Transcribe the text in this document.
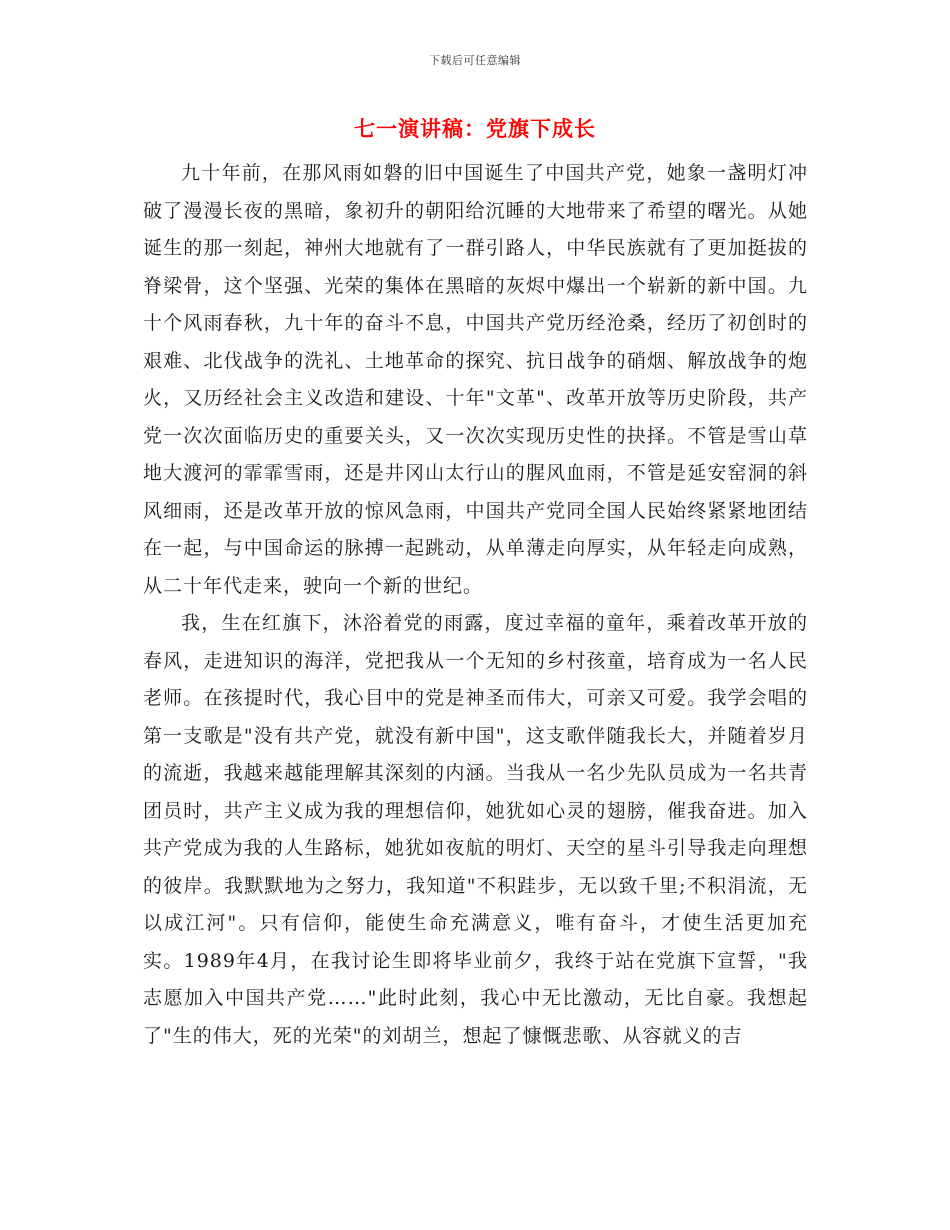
下载后可任意编辑
七一演讲稿：党旗下成长

九十年前，在那风雨如磐的旧中国诞生了中国共产党，她象一盏明灯冲破了漫漫长夜的黑暗，象初升的朝阳给沉睡的大地带来了希望的曙光。从她诞生的那一刻起，神州大地就有了一群引路人，中华民族就有了更加挺拔的脊梁骨，这个坚强、光荣的集体在黑暗的灰烬中爆出一个崭新的新中国。九十个风雨春秋，九十年的奋斗不息，中国共产党历经沧桑，经历了初创时的艰难、北伐战争的洗礼、土地革命的探究、抗日战争的硝烟、解放战争的炮火，又历经社会主义改造和建设、十年"文革"、改革开放等历史阶段，共产党一次次面临历史的重要关头，又一次次实现历史性的抉择。不管是雪山草地大渡河的霏霏雪雨，还是井冈山太行山的腥风血雨，不管是延安窑洞的斜风细雨，还是改革开放的惊风急雨，中国共产党同全国人民始终紧紧地团结在一起，与中国命运的脉搏一起跳动，从单薄走向厚实，从年轻走向成熟，从二十年代走来，驶向一个新的世纪。

我，生在红旗下，沐浴着党的雨露，度过幸福的童年，乘着改革开放的春风，走进知识的海洋，党把我从一个无知的乡村孩童，培育成为一名人民老师。在孩提时代，我心目中的党是神圣而伟大，可亲又可爱。我学会唱的第一支歌是"没有共产党，就没有新中国"，这支歌伴随我长大，并随着岁月的流逝，我越来越能理解其深刻的内涵。当我从一名少先队员成为一名共青团员时，共产主义成为我的理想信仰，她犹如心灵的翅膀，催我奋进。加入共产党成为我的人生路标，她犹如夜航的明灯、天空的星斗引导我走向理想的彼岸。我默默地为之努力，我知道"不积跬步，无以致千里;不积涓流，无以成江河"。只有信仰，能使生命充满意义，唯有奋斗，才使生活更加充实。1989年4月，在我讨论生即将毕业前夕，我终于站在党旗下宣誓，"我志愿加入中国共产党……"此时此刻，我心中无比激动，无比自豪。我想起了"生的伟大，死的光荣"的刘胡兰，想起了慷慨悲歌、从容就义的吉
